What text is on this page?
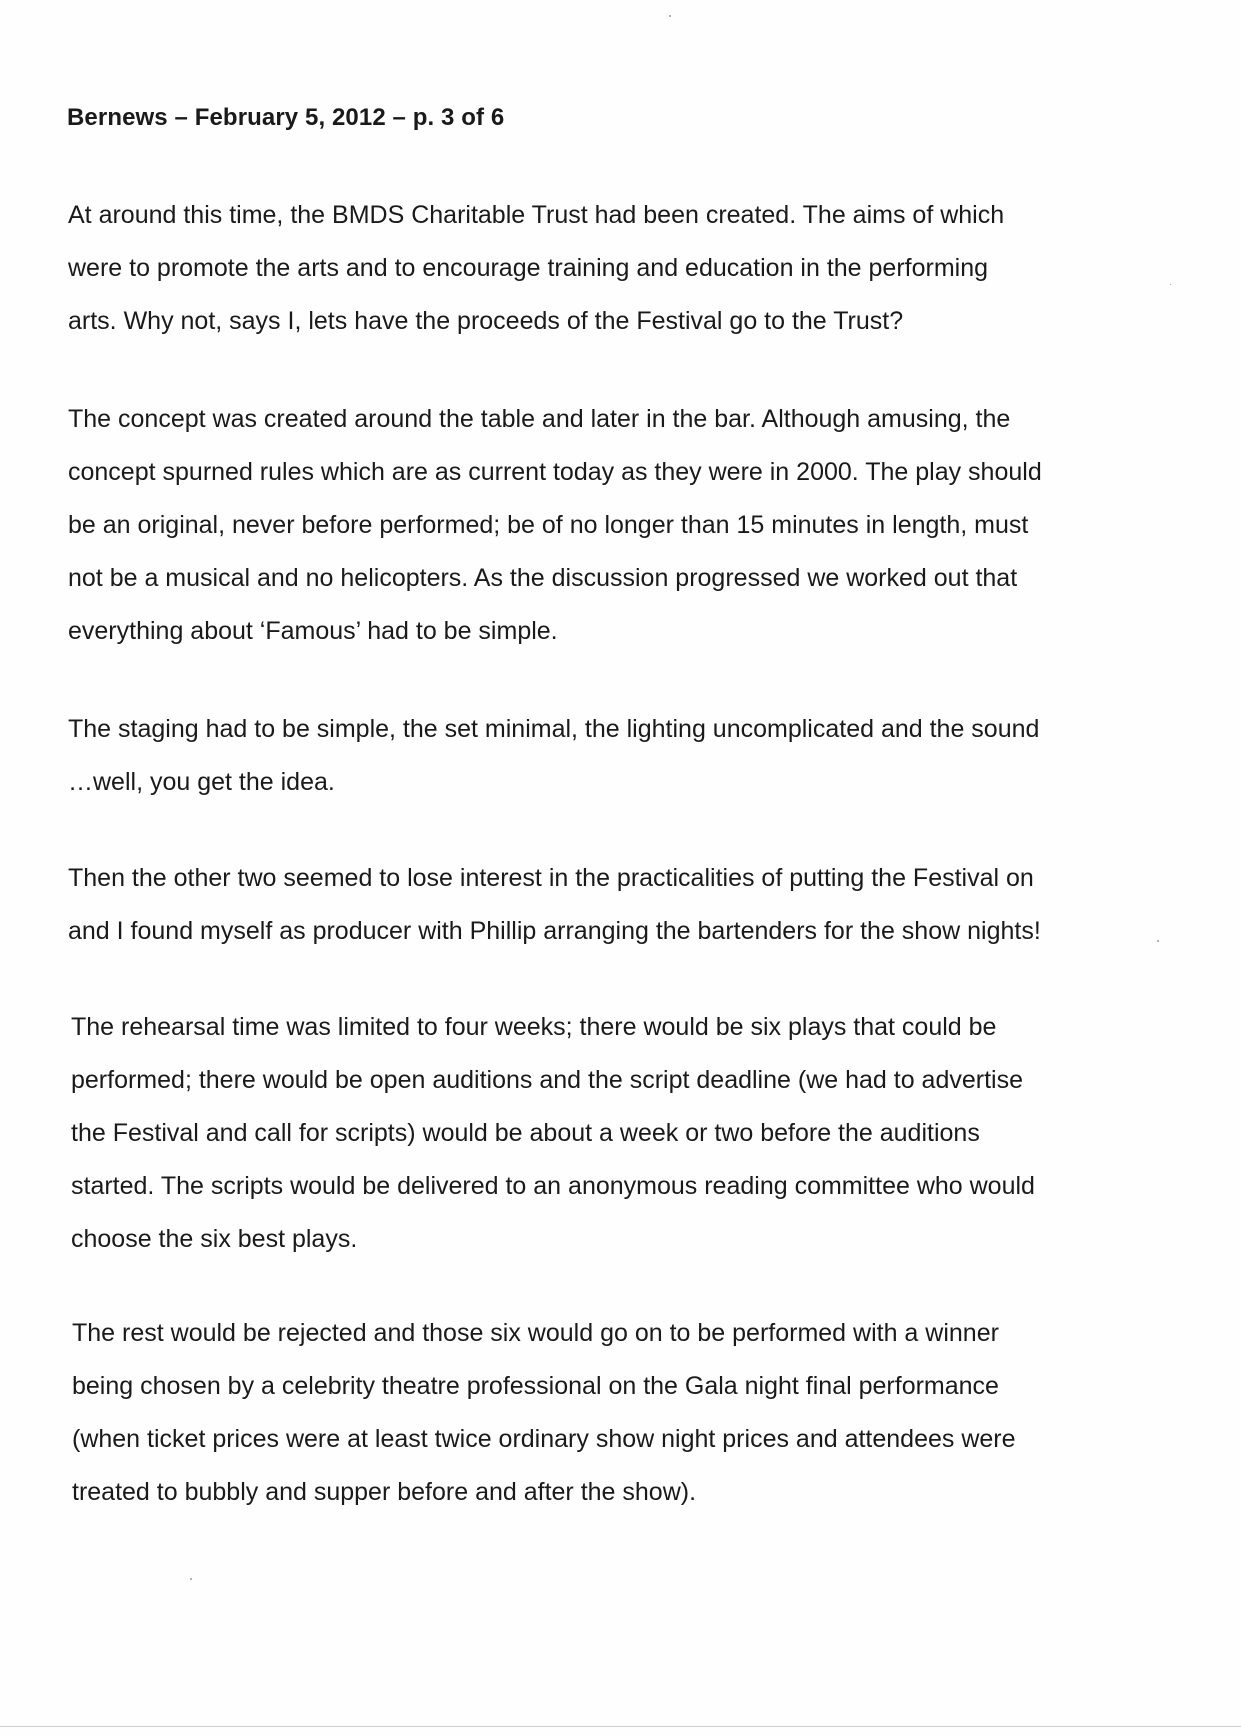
Bernews – February 5, 2012 – p. 3 of 6
At around this time, the BMDS Charitable Trust had been created. The aims of which
were to promote the arts and to encourage training and education in the performing
arts. Why not, says I, lets have the proceeds of the Festival go to the Trust?
The concept was created around the table and later in the bar. Although amusing, the
concept spurned rules which are as current today as they were in 2000. The play should
be an original, never before performed; be of no longer than 15 minutes in length, must
not be a musical and no helicopters. As the discussion progressed we worked out that
everything about ‘Famous’ had to be simple.
The staging had to be simple, the set minimal, the lighting uncomplicated and the sound
…well, you get the idea.
Then the other two seemed to lose interest in the practicalities of putting the Festival on
and I found myself as producer with Phillip arranging the bartenders for the show nights!
The rehearsal time was limited to four weeks; there would be six plays that could be
performed; there would be open auditions and the script deadline (we had to advertise
the Festival and call for scripts) would be about a week or two before the auditions
started. The scripts would be delivered to an anonymous reading committee who would
choose the six best plays.
The rest would be rejected and those six would go on to be performed with a winner
being chosen by a celebrity theatre professional on the Gala night final performance
(when ticket prices were at least twice ordinary show night prices and attendees were
treated to bubbly and supper before and after the show).
